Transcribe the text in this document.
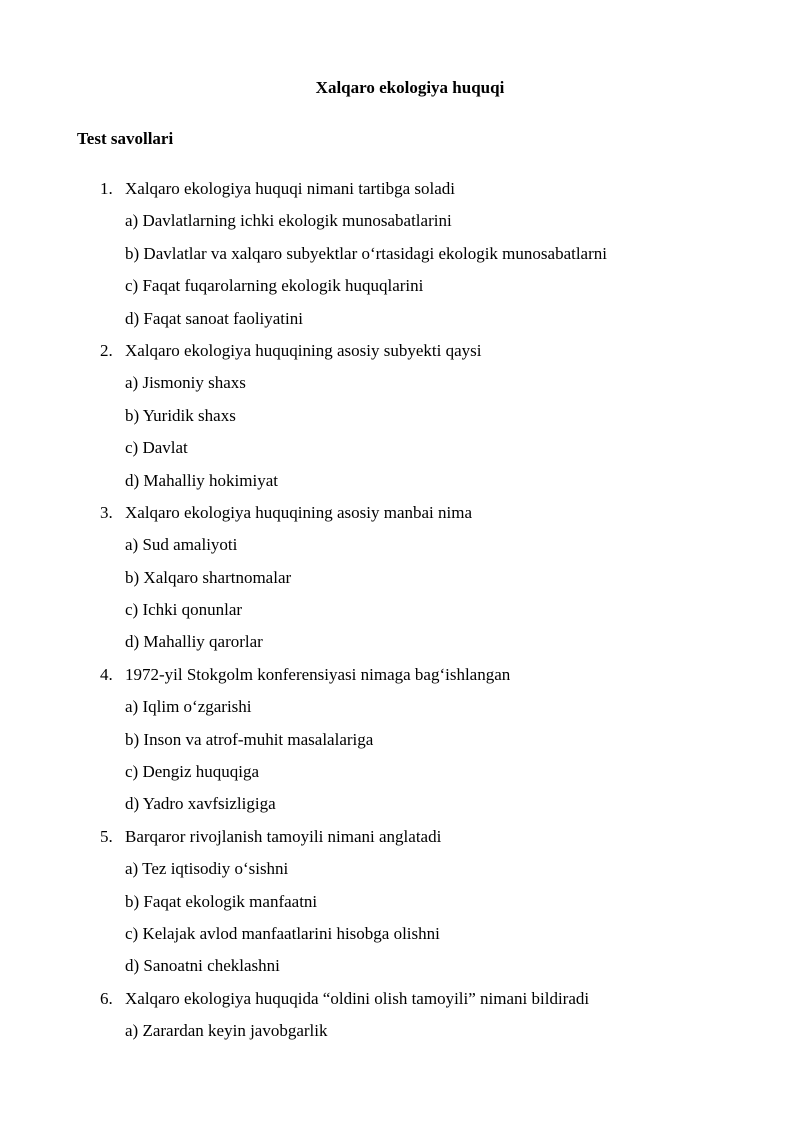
Xalqaro ekologiya huquqi
Test savollari
1. Xalqaro ekologiya huquqi nimani tartibga soladi
a) Davlatlarning ichki ekologik munosabatlarini
b) Davlatlar va xalqaro subyektlar o‘rtasidagi ekologik munosabatlarni
c) Faqat fuqarolarning ekologik huquqlarini
d) Faqat sanoat faoliyatini
2. Xalqaro ekologiya huquqining asosiy subyekti qaysi
a) Jismoniy shaxs
b) Yuridik shaxs
c) Davlat
d) Mahalliy hokimiyat
3. Xalqaro ekologiya huquqining asosiy manbai nima
a) Sud amaliyoti
b) Xalqaro shartnomalar
c) Ichki qonunlar
d) Mahalliy qarorlar
4. 1972-yil Stokgolm konferensiyasi nimaga bag‘ishlangan
a) Iqlim o‘zgarishi
b) Inson va atrof-muhit masalalariga
c) Dengiz huquqiga
d) Yadro xavfsizligiga
5. Barqaror rivojlanish tamoyili nimani anglatadi
a) Tez iqtisodiy o‘sishni
b) Faqat ekologik manfaatni
c) Kelajak avlod manfaatlarini hisobga olishni
d) Sanoatni cheklashni
6. Xalqaro ekologiya huquqida “oldini olish tamoyili” nimani bildiradi
a) Zarardan keyin javobgarlik
